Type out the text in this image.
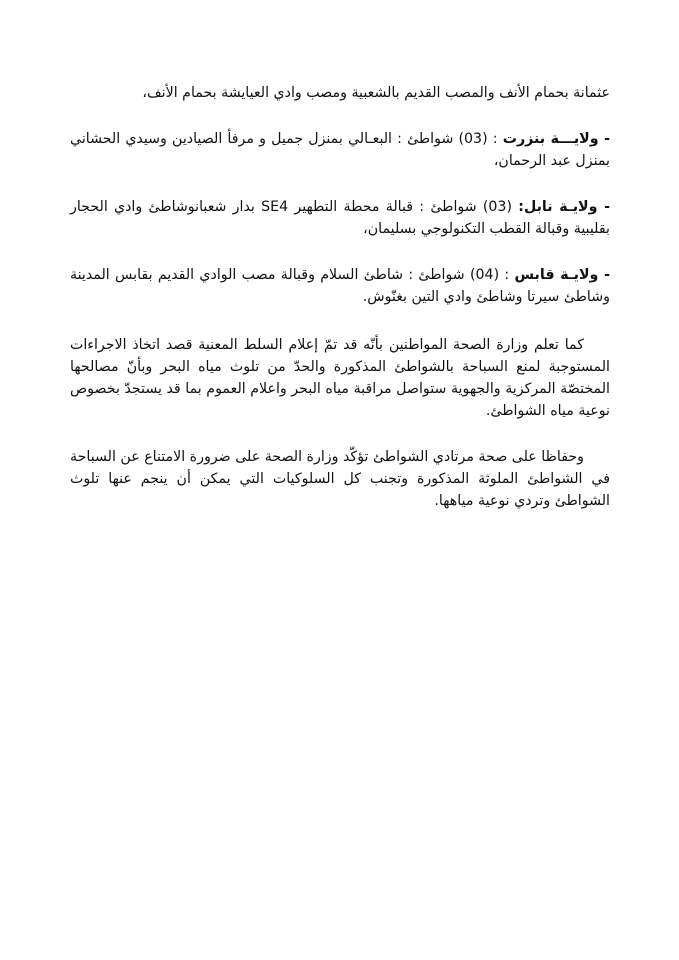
عثمانة بحمام الأنف والمصب القديم بالشعبية ومصب وادي العيايشة بحمام الأنف،

- ولايـــة بنزرت : (03) شواطئ : البعـالي بمنزل جميل و مرفأ الصيادين وسيدي الحشاني بمنزل عبد الرحمان،

- ولايـة نابل: (03) شواطئ : قبالة محطة التطهير SE4 بدار شعبانوشاطئ وادي الحجار بقليبية وقبالة القطب التكنولوجي بسليمان،

- ولايـة قابس : (04) شواطئ : شاطئ السلام وقبالة مصب الوادي القديم بقابس المدينة وشاطئ سيرتا وشاطئ وادي التين بغنّوش.

كما تعلم وزارة الصحة المواطنين بأنّه قد تمّ إعلام السلط المعنية قصد اتخاذ الاجراءات المستوجبة لمنع السباحة بالشواطئ المذكورة والحدّ من تلوث مياه البحر وبأنّ مصالحها المختصّة المركزية والجهوية ستواصل مراقبة مياه البحر واعلام العموم بما قد يستجدّ بخصوص نوعية مياه الشواطئ.

وحفاظا على صحة مرتادي الشواطئ تؤكّد وزارة الصحة على ضرورة الامتناع عن السباحة في الشواطئ الملوثة المذكورة وتجنب كل السلوكيات التي يمكن أن ينجم عنها تلوث الشواطئ وتردي نوعية مياهها.
